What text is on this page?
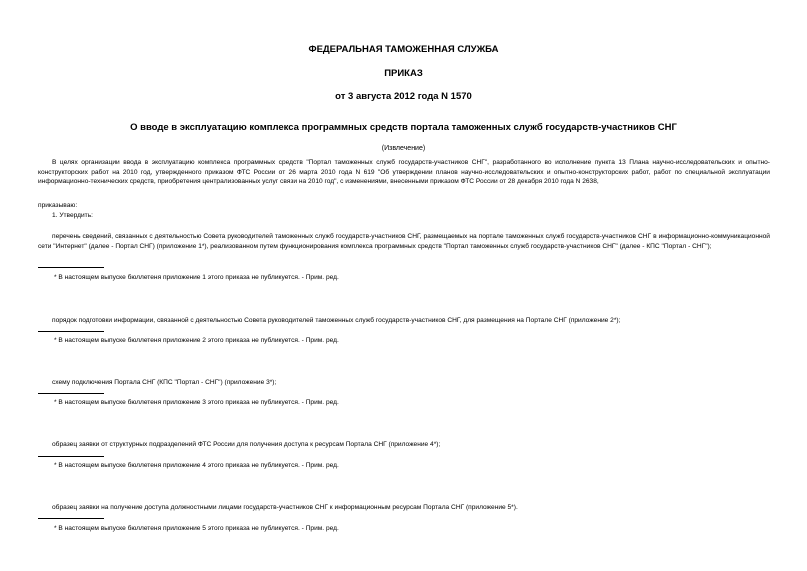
ФЕДЕРАЛЬНАЯ ТАМОЖЕННАЯ СЛУЖБА
ПРИКАЗ
от 3 августа 2012 года N 1570
О вводе в эксплуатацию комплекса программных средств портала таможенных служб государств-участников СНГ
(Извлечение)
В целях организации ввода в эксплуатацию комплекса программных средств "Портал таможенных служб государств-участников СНГ", разработанного во исполнение пункта 13 Плана научно-исследовательских и опытно-конструкторских работ на 2010 год, утвержденного приказом ФТС России от 26 марта 2010 года N 619 "Об утверждении планов научно-исследовательских и опытно-конструкторских работ, работ по специальной эксплуатации информационно-технических средств, приобретения централизованных услуг связи на 2010 год", с изменениями, внесенными приказом ФТС России от 28 декабря 2010 года N 2638,
приказываю:
1. Утвердить:
перечень сведений, связанных с деятельностью Совета руководителей таможенных служб государств-участников СНГ, размещаемых на портале таможенных служб государств-участников СНГ в информационно-коммуникационной сети "Интернет" (далее - Портал СНГ) (приложение 1*), реализованном путем функционирования комплекса программных средств "Портал таможенных служб государств-участников СНГ" (далее - КПС "Портал - СНГ");
* В настоящем выпуске бюллетеня приложение 1 этого приказа не публикуется. - Прим. ред.
порядок подготовки информации, связанной с деятельностью Совета руководителей таможенных служб государств-участников СНГ, для размещения на Портале СНГ (приложение 2*);
* В настоящем выпуске бюллетеня приложение 2 этого приказа не публикуется. - Прим. ред.
схему подключения Портала СНГ (КПС "Портал - СНГ") (приложение 3*);
* В настоящем выпуске бюллетеня приложение 3 этого приказа не публикуется. - Прим. ред.
образец заявки от структурных подразделений ФТС России для получения доступа к ресурсам Портала СНГ (приложение 4*);
* В настоящем выпуске бюллетеня приложение 4 этого приказа не публикуется. - Прим. ред.
образец заявки на получение доступа должностными лицами государств-участников СНГ к информационным ресурсам Портала СНГ (приложение 5*).
* В настоящем выпуске бюллетеня приложение 5 этого приказа не публикуется. - Прим. ред.
